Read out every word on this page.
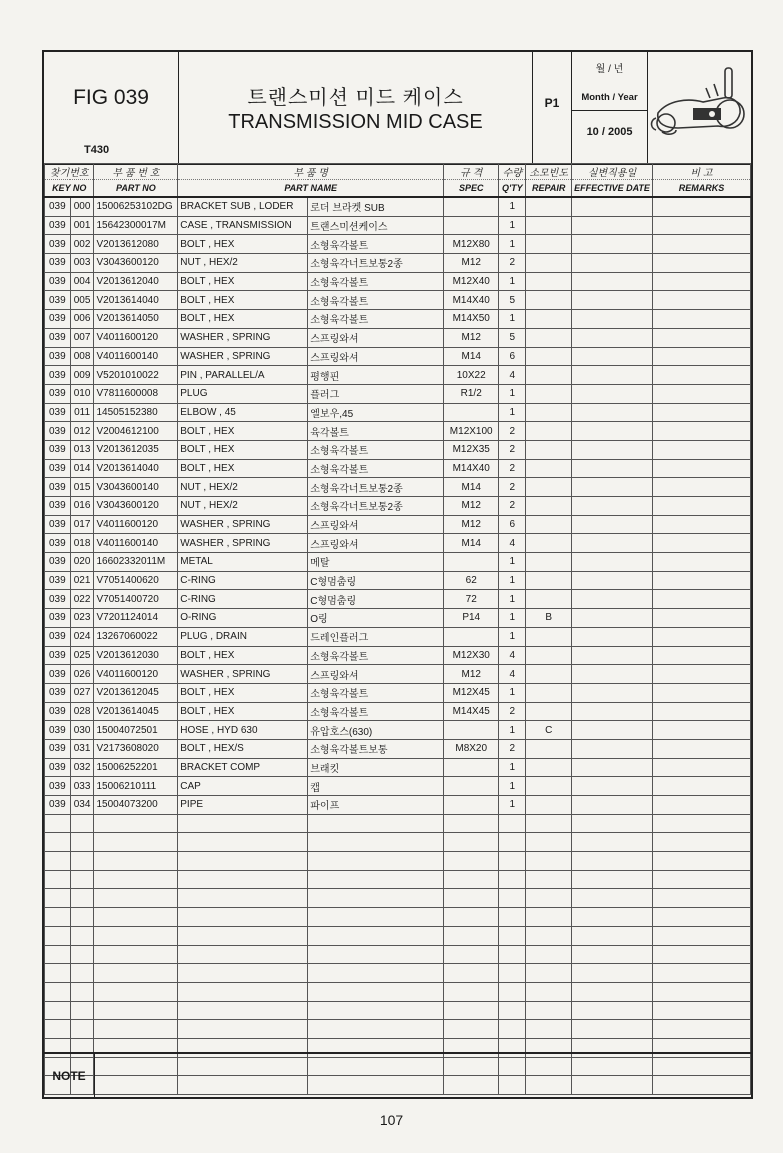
FIG 039
T430
트랜스미션 미드 케이스
TRANSMISSION MID CASE
P1
월 / 년
Month / Year
10 / 2005
찾기번호		부 품 번 호	부 품 명		규 격	수량	소모빈도	실변직용일	비 고
KEY NO		PART NO	PART NAME		SPEC	Q'TY	REPAIR	EFFECTIVE DATE	REMARKS
039	000	15006253102DG	BRACKET SUB , LODER	로더 브라켓 SUB		1			
039	001	15642300017M	CASE , TRANSMISSION	트랜스미션케이스		1			
039	002	V2013612080	BOLT , HEX	소형육각볼트	M12X80	1			
039	003	V3043600120	NUT , HEX/2	소형육각너트보통2종	M12	2			
039	004	V2013612040	BOLT , HEX	소형육각볼트	M12X40	1			
039	005	V2013614040	BOLT , HEX	소형육각볼트	M14X40	5			
039	006	V2013614050	BOLT , HEX	소형육각볼트	M14X50	1			
039	007	V4011600120	WASHER , SPRING	스프링와셔	M12	5			
039	008	V4011600140	WASHER , SPRING	스프링와셔	M14	6			
039	009	V5201010022	PIN , PARALLEL/A	평행핀	10X22	4			
039	010	V7811600008	PLUG	플러그	R1/2	1			
039	011	14505152380	ELBOW , 45	엘보우,45		1			
039	012	V2004612100	BOLT , HEX	육각볼트	M12X100	2			
039	013	V2013612035	BOLT , HEX	소형육각볼트	M12X35	2			
039	014	V2013614040	BOLT , HEX	소형육각볼트	M14X40	2			
039	015	V3043600140	NUT , HEX/2	소형육각너트보통2종	M14	2			
039	016	V3043600120	NUT , HEX/2	소형육각너트보통2종	M12	2			
039	017	V4011600120	WASHER , SPRING	스프링와셔	M12	6			
039	018	V4011600140	WASHER , SPRING	스프링와셔	M14	4			
039	020	16602332011M	METAL	메탈		1			
039	021	V7051400620	C-RING	C형멈춤링	62	1			
039	022	V7051400720	C-RING	C형멈춤링	72	1			
039	023	V7201124014	O-RING	O링	P14	1	B		
039	024	13267060022	PLUG , DRAIN	드레인플러그		1			
039	025	V2013612030	BOLT , HEX	소형육각볼트	M12X30	4			
039	026	V4011600120	WASHER , SPRING	스프링와셔	M12	4			
039	027	V2013612045	BOLT , HEX	소형육각볼트	M12X45	1			
039	028	V2013614045	BOLT , HEX	소형육각볼트	M14X45	2			
039	030	15004072501	HOSE , HYD 630	유압호스(630)		1	C		
039	031	V2173608020	BOLT , HEX/S	소형육각볼트보통	M8X20	2			
039	032	15006252201	BRACKET COMP	브래킷		1			
039	033	15006210111	CAP	캡		1			
039	034	15004073200	PIPE	파이프		1			

NOTE
107
